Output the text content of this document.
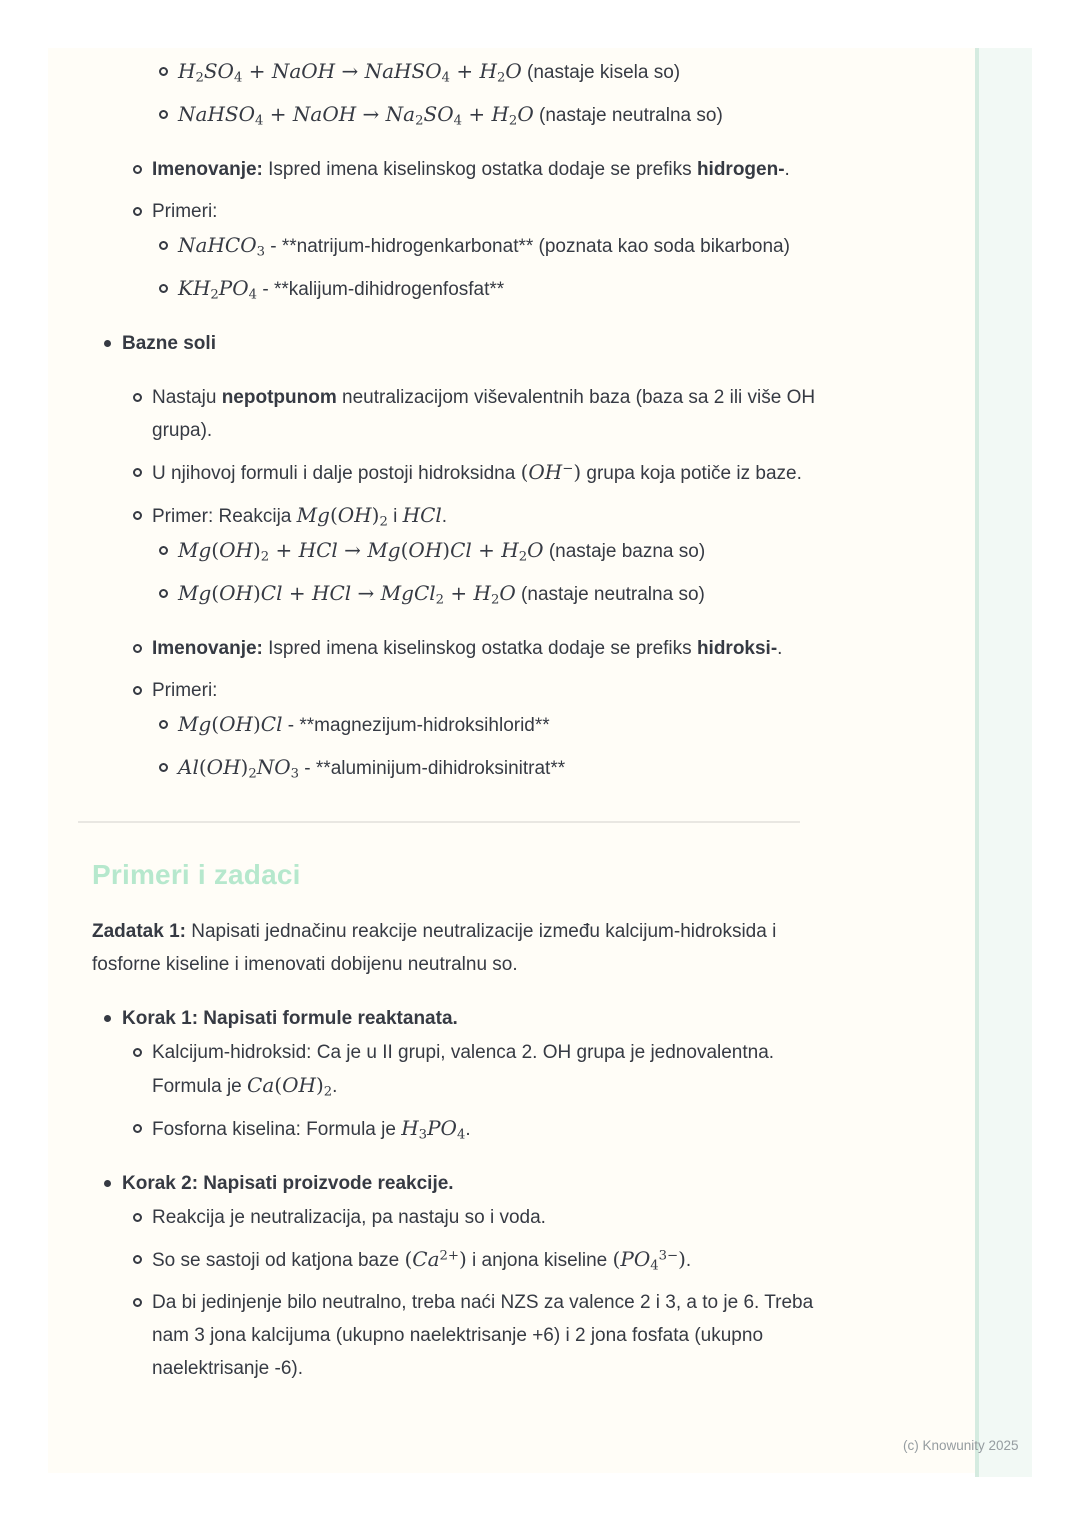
$H_2SO_4$ + NaOH → NaHSO$_4$ + $H_2O$ (nastaje kisela so)
NaHSO$_4$ + NaOH → $Na_2SO_4 + H_2O$ (nastaje neutralna so)
Imenovanje: Ispred imena kiselinskog ostatka dodaje se prefiks hidrogen-.
Primeri:
NaHCO$_3$ - **natrijum-hidrogenkarbonat** (poznata kao soda bikarbona)
$KH_2PO_4$ - **kalijum-dihidrogenfosfat**
Bazne soli
Nastaju nepotpunom neutralizacijom viševalentnih baza (baza sa 2 ili više OH grupa).
U njihovoj formuli i dalje postoji hidroksidna (OH−) grupa koja potiče iz baze.
Primer: Reakcija $Mg(OH)_2$ i HCl.
$Mg(OH)_2$ + HCl → $Mg(OH)Cl + H_2O$ (nastaje bazna so)
Mg(OH)Cl + HCl → MgCl$_2$ + $H_2O$ (nastaje neutralna so)
Imenovanje: Ispred imena kiselinskog ostatka dodaje se prefiks hidroksi-.
Primeri:
Mg(OH)Cl - **magnezijum-hidroksihlorid**
$Al(OH)_2NO_3$ - **aluminijum-dihidroksinitrat**
Primeri i zadaci
Zadatak 1: Napisati jednačinu reakcije neutralizacije između kalcijum-hidroksida i fosforne kiseline i imenovati dobijenu neutralnu so.
Korak 1: Napisati formule reaktanata.
Kalcijum-hidroksid: Ca je u II grupi, valenca 2. OH grupa je jednovalentna. Formula je $Ca(OH)_2$.
Fosforna kiselina: Formula je $H_3PO_4$.
Korak 2: Napisati proizvode reakcije.
Reakcija je neutralizacija, pa nastaju so i voda.
So se sastoji od katjona baze $(Ca^{2+})$ i anjona kiseline $(PO_4^{3-})$.
Da bi jedinjenje bilo neutralno, treba naći NZS za valence 2 i 3, a to je 6. Treba nam 3 jona kalcijuma (ukupno naelektrisanje +6) i 2 jona fosfata (ukupno naelektrisanje -6).
(c) Knowunity 2025
